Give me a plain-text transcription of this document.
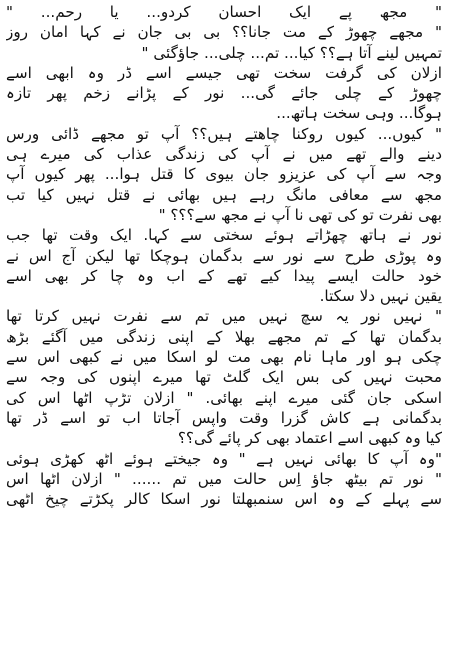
" مجھ پے ایک احسان کردو... یا رحم... "
" مجھے چھوڑ کے مت جانا؟؟ بی بی جان نے کہا امان روز
تمہیں لینے آتا ہے؟؟ کیا... تم... چلی... جاؤگئی "
ازلان کی گرفت سخت تھی جیسے اسے ڈر وہ ابھی اسے
چھوڑ کے چلی جائے گی... نور کے پڑانے زخم پھر تازہ
ہوگا... وہی سخت ہاتھ...
" کیوں... کیوں روکنا چاھتے ہیں؟؟ آپ تو مجھے ڈائی ورس
دینے والے تھے میں نے آپ کی زندگی عذاب کی میرے ہی
وجہ سے آپ کی عزیزو جان بیوی کا قتل ہوا... پھر کیوں آپ
مجھ سے معافی مانگ رہے ہیں بھائی نے قتل نہیں کیا تب
بھی نفرت تو کی تھی نا آپ نے مجھ سے؟؟؟ "
نور نے ہاتھ چھڑاتے ہوئے سختی سے کہا. ایک وقت تھا جب
وہ پوڑی طرح سے نور سے بدگمان ہوچکا تھا لیکن آج اس نے
خود حالت ایسے پیدا کیے تھے کے اب وہ چا کر بھی اسے
یقین نہیں دلا سکتا.
" نہیں نور یہ سچ نہیں میں تم سے نفرت نہیں کرتا تھا
بدگمان تھا کے تم مجھے بھلا کے اپنی زندگی میں آگئے بڑھ
چکی ہو اور ماہا نام بھی مت لو اسکا میں نے کبھی اس سے
محبت نہیں کی بس ایک گلٹ تھا میرے اپنوں کی وجہ سے
اسکی جان گئی میرے اپنے بھائی. " ازلان تڑپ اٹھا اس کی
بدگمانی ہے کاش گزرا وقت واپس آجاتا اب تو اسے ڈر تھا
کیا وہ کبھی اسے اعتماد بھی کر پائے گی؟؟
"وہ آپ کا بھائی نہیں ہے " وہ جیختے ہوئے اٹھ کھڑی ہوئی
" نور تم بیٹھ جاؤ اِس حالت میں تم ...... " ازلان اٹھا اس
سے پہلے کے وہ اس سنمبھلتا نور اسکا کالر پکڑتے چیخ اٹھی
